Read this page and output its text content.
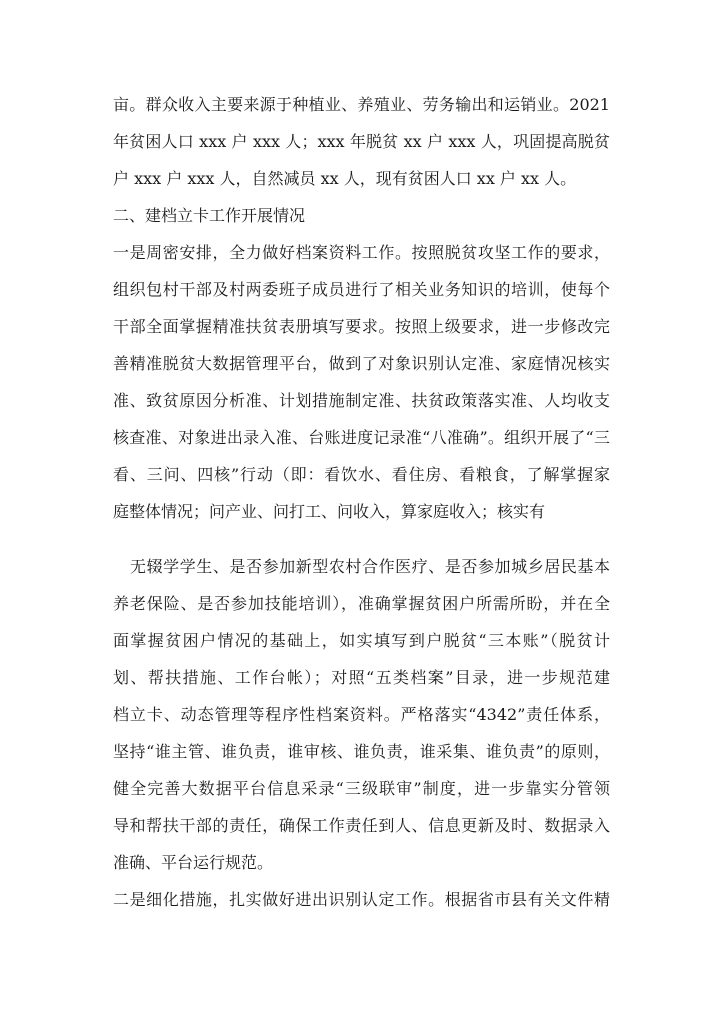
亩。群众收入主要来源于种植业、养殖业、劳务输出和运销业。2021
年贫困人口 xxx 户 xxx 人；xxx 年脱贫 xx 户 xxx 人，巩固提高脱贫
户 xxx 户 xxx 人，自然减员 xx 人，现有贫困人口 xx 户 xx 人。
二、建档立卡工作开展情况
一是周密安排，全力做好档案资料工作。按照脱贫攻坚工作的要求，
组织包村干部及村两委班子成员进行了相关业务知识的培训，使每个
干部全面掌握精准扶贫表册填写要求。按照上级要求，进一步修改完
善精准脱贫大数据管理平台，做到了对象识别认定准、家庭情况核实
准、致贫原因分析准、计划措施制定准、扶贫政策落实准、人均收支
核查准、对象进出录入准、台账进度记录准“八准确”。组织开展了“三
看、三问、四核”行动（即：看饮水、看住房、看粮食，了解掌握家
庭整体情况；问产业、问打工、问收入，算家庭收入；核实有
无辍学学生、是否参加新型农村合作医疗、是否参加城乡居民基本
养老保险、是否参加技能培训），准确掌握贫困户所需所盼，并在全
面掌握贫困户情况的基础上，如实填写到户脱贫“三本账”（脱贫计
划、帮扶措施、工作台帐）；对照“五类档案”目录，进一步规范建
档立卡、动态管理等程序性档案资料。严格落实“4342”责任体系，
坚持“谁主管、谁负责，谁审核、谁负责，谁采集、谁负责”的原则，
健全完善大数据平台信息采录“三级联审”制度，进一步靠实分管领
导和帮扶干部的责任，确保工作责任到人、信息更新及时、数据录入
准确、平台运行规范。
二是细化措施，扎实做好进出识别认定工作。根据省市县有关文件精
